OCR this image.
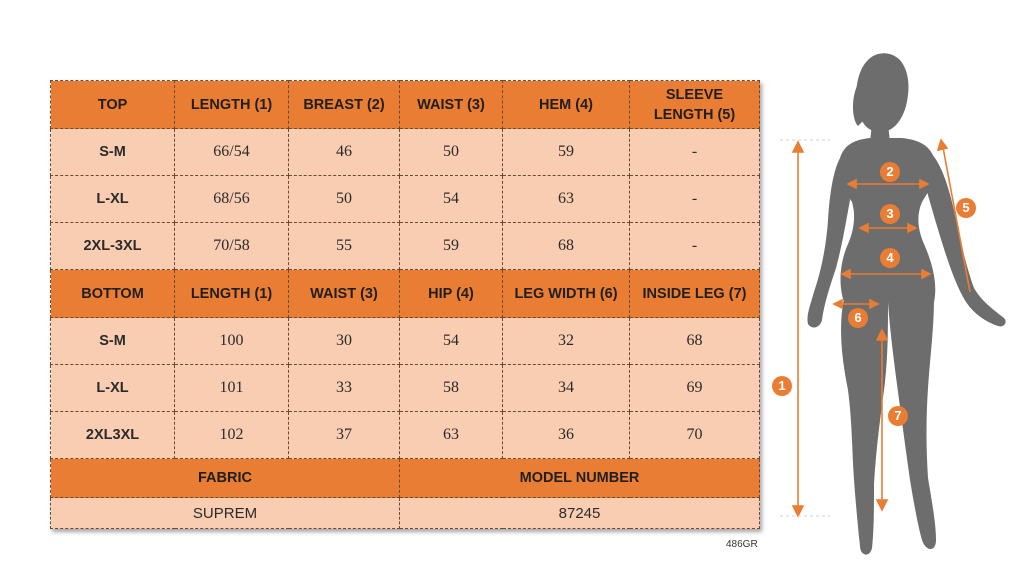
TOP	LENGTH (1)	BREAST (2)	WAIST (3)	HEM (4)	SLEEVE LENGTH (5)
S-M	66/54	46	50	59	-
L-XL	68/56	50	54	63	-
2XL-3XL	70/58	55	59	68	-
BOTTOM	LENGTH (1)	WAIST (3)	HIP (4)	LEG WIDTH (6)	INSIDE LEG (7)
S-M	100	30	54	32	68
L-XL	101	33	58	34	69
2XL3XL	102	37	63	36	70
FABRIC			MODEL NUMBER		
SUPREM			87245		
486GR
1
2
3
4
5
6
7
